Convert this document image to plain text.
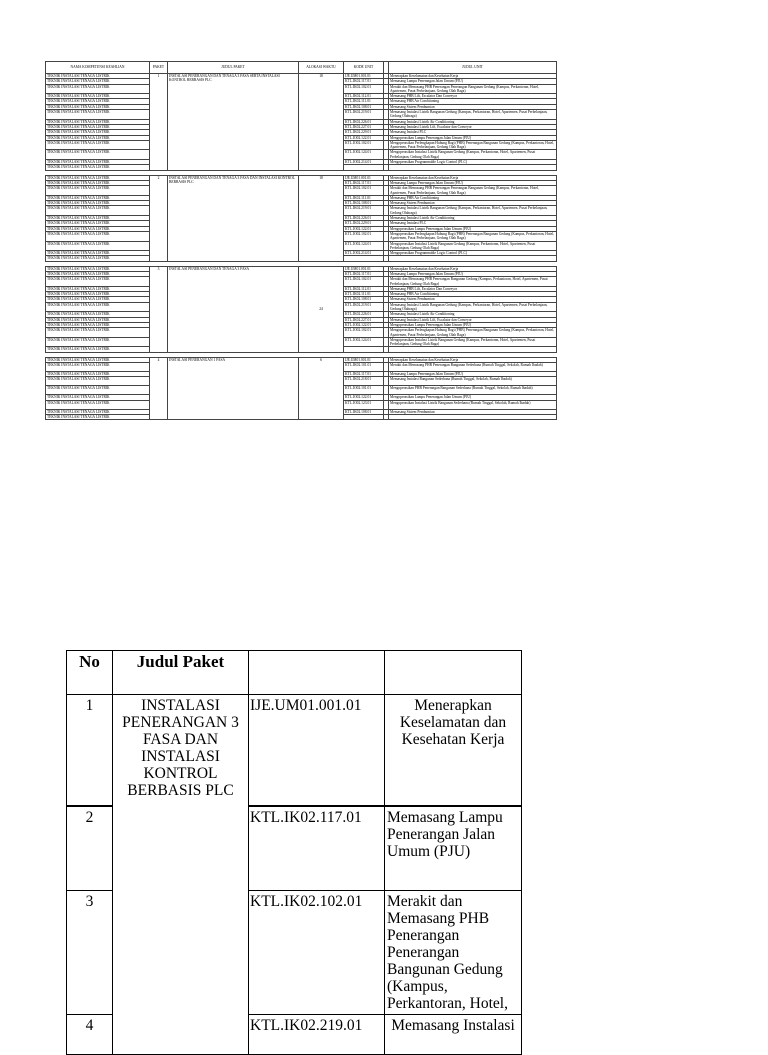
NAMA KOMPETENSI KEAHLIAN	PAKET	JUDUL PAKET	ALOKASI WAKTU	KODE UNIT		JUDUL UNIT
TEKNIK INSTALASI TENAGA LISTRIK	1	INSTALASI PENERANGAN DAN TENAGA 3 FASA SERTA INSTALASI KONTROL BERBASIS PLC	18	IJE.UM01.001.01		Menerapkan Keselamatan dan Kesehatan Kerja
TEKNIK INSTALASI TENAGA LISTRIK				KTL.IK02.117.01		Memasang Lampu Penerangan Jalan Umum (PJU)
TEKNIK INSTALASI TENAGA LISTRIK				KTL.IK02.102.01		Merakit dan Memasang PHB Penerangan Penerangan Bangunan Gedung (Kampus, Perkantoran, Hotel, Apartemen, Pusat Perbelanjaan, Gedung Olah Raga)
TEKNIK INSTALASI TENAGA LISTRIK				KTL.IK02.112.01		Memasang PHB Lift, Escalator Dan Conveyor
TEKNIK INSTALASI TENAGA LISTRIK				KTL.IK02.111.01		Memasang PHB Air Conditioning
TEKNIK INSTALASI TENAGA LISTRIK				KTL.IK02.108.01		Memasang Sistem Pembumian
TEKNIK INSTALASI TENAGA LISTRIK				KTL.IK02.219.01		Memasang Instalasi Listrik Bangunan Gedung (Kampus, Perkantoran, Hotel, Apartemen, Pusat Perbelanjaan, Gedung Olahraga)
TEKNIK INSTALASI TENAGA LISTRIK				KTL.IK02.226.01		Memasang Instalasi Listrik Air Conditioning
TEKNIK INSTALASI TENAGA LISTRIK				KTL.IK02.227.01		Memasang Instalasi Listrik Lift, Escalator dan Conveyor
TEKNIK INSTALASI TENAGA LISTRIK				KTL.IK02.229.01		Memasang Instalasi PLC
TEKNIK INSTALASI TENAGA LISTRIK				KTL.IO02.122.01		Mengoperasikan Lampu Penerangan Jalan Umum (PJU)
TEKNIK INSTALASI TENAGA LISTRIK				KTL.IO02.102.01		Mengoperasikan Perlengkapan Hubung Bagi (PHB) Penerangan Bangunan Gedung (Kampus, Perkantoran, Hotel, Apartemen, Pusat Perbelanjaan, Gedung Olah Raga)
TEKNIK INSTALASI TENAGA LISTRIK				KTL.IO02.124.01		Mengoperasikan Instalasi Listrik Bangunan Gedung (Kampus, Perkantoran, Hotel, Apartemen, Pusat Perbelanjaan, Gedung Olah Raga)
TEKNIK INSTALASI TENAGA LISTRIK				KTL.IO02.214.01		Mengoperasikan Programmable Logic Control (PLC)
TEKNIK INSTALASI TENAGA LISTRIK						

TEKNIK INSTALASI TENAGA LISTRIK	2	INSTALASI PENERANGAN DAN TENAGA 3 FASA DAN INSTALASI KONTROL BERBASIS PLC	18	IJE.UM01.001.01		Menerapkan Keselamatan dan Kesehatan Kerja
TEKNIK INSTALASI TENAGA LISTRIK				KTL.IK02.117.01		Memasang Lampu Penerangan Jalan Umum (PJU)
TEKNIK INSTALASI TENAGA LISTRIK				KTL.IK02.102.01		Merakit dan Memasang PHB Penerangan Penerangan Bangunan Gedung (Kampus, Perkantoran, Hotel, Apartemen, Pusat Perbelanjaan, Gedung Olah Raga)
TEKNIK INSTALASI TENAGA LISTRIK				KTL.IK02.111.01		Memasang PHB Air Conditioning
TEKNIK INSTALASI TENAGA LISTRIK				KTL.IK02.108.01		Memasang Sistem Pembumian
TEKNIK INSTALASI TENAGA LISTRIK				KTL.IK02.219.01		Memasang Instalasi Listrik Bangunan Gedung (Kampus, Perkantoran, Hotel, Apartemen, Pusat Perbelanjaan, Gedung Olahraga)
TEKNIK INSTALASI TENAGA LISTRIK				KTL.IK02.226.01		Memasang Instalasi Listrik Air Conditioning
TEKNIK INSTALASI TENAGA LISTRIK				KTL.IK02.229.01		Memasang Instalasi PLC
TEKNIK INSTALASI TENAGA LISTRIK				KTL.IO02.122.01		Mengoperasikan Lampu Penerangan Jalan Umum (PJU)
TEKNIK INSTALASI TENAGA LISTRIK				KTL.IO02.102.01		Mengoperasikan Perlengkapan Hubung Bagi (PHB) Penerangan Bangunan Gedung (Kampus, Perkantoran, Hotel, Apartemen, Pusat Perbelanjaan, Gedung Olah Raga)
TEKNIK INSTALASI TENAGA LISTRIK				KTL.IO02.124.01		Mengoperasikan Instalasi Listrik Bangunan Gedung (Kampus, Perkantoran, Hotel, Apartemen, Pusat Perbelanjaan, Gedung Olah Raga)
TEKNIK INSTALASI TENAGA LISTRIK				KTL.IO02.214.01		Mengoperasikan Programmable Logic Control (PLC)
TEKNIK INSTALASI TENAGA LISTRIK						

TEKNIK INSTALASI TENAGA LISTRIK	3	INSTALASI PENERANGAN DAN TENAGA 3 FASA	24	IJE.UM01.001.01		Menerapkan Keselamatan dan Kesehatan Kerja
TEKNIK INSTALASI TENAGA LISTRIK				KTL.IK02.117.01		Memasang Lampu Penerangan Jalan Umum (PJU)
TEKNIK INSTALASI TENAGA LISTRIK				KTL.IK02.102.01		Merakit dan Memasang PHB Penerangan Bangunan Gedung (Kampus, Perkantoran, Hotel, Apartemen, Pusat Perbelanjaan, Gedung Olah Raga)
TEKNIK INSTALASI TENAGA LISTRIK				KTL.IK02.112.01		Memasang PHB Lift, Escalator Dan Conveyor
TEKNIK INSTALASI TENAGA LISTRIK				KTL.IK02.111.01		Memasang PHB Air Conditioning
TEKNIK INSTALASI TENAGA LISTRIK				KTL.IK02.108.01		Memasang Sistem Pembumian
TEKNIK INSTALASI TENAGA LISTRIK				KTL.IK02.219.01		Memasang Instalasi Listrik Bangunan Gedung (Kampus, Perkantoran, Hotel, Apartemen, Pusat Perbelanjaan, Gedung Olahraga)
TEKNIK INSTALASI TENAGA LISTRIK				KTL.IK02.226.01		Memasang Instalasi Listrik Air Conditioning
TEKNIK INSTALASI TENAGA LISTRIK				KTL.IK02.227.01		Memasang Instalasi Listrik Lift, Escalator dan Conveyor
TEKNIK INSTALASI TENAGA LISTRIK				KTL.IO02.122.01		Mengoperasikan Lampu Penerangan Jalan Umum (PJU)
TEKNIK INSTALASI TENAGA LISTRIK				KTL.IO02.102.01		Mengoperasikan Perlengkapan Hubung Bagi (PHB) Penerangan Bangunan Gedung (Kampus, Perkantoran, Hotel, Apartemen, Pusat Perbelanjaan, Gedung Olah Raga)
TEKNIK INSTALASI TENAGA LISTRIK				KTL.IO02.124.01		Mengoperasikan Instalasi Listrik Bangunan Gedung (Kampus, Perkantoran, Hotel, Apartemen, Pusat Perbelanjaan, Gedung Olah Raga)
TEKNIK INSTALASI TENAGA LISTRIK						

TEKNIK INSTALASI TENAGA LISTRIK	4	INSTALASI PENERANGAN 1 FASA	6	IJE.UM01.001.01		Menerapkan Keselamatan dan Kesehatan Kerja
TEKNIK INSTALASI TENAGA LISTRIK				KTL.IK02.101.01		Merakit dan Memasang PHB Penerangan Bangunan Sederhana (Rumah Tinggal, Sekolah, Rumah Ibadah)
TEKNIK INSTALASI TENAGA LISTRIK				KTL.IK02.117.01		Memasang Lampu Penerangan Jalan Umum (PJU)
TEKNIK INSTALASI TENAGA LISTRIK				KTL.IK02.218.01		Memasang Instalasi Bangunan Sederhana (Rumah Tinggal, Sekolah, Rumah Ibadah)
TEKNIK INSTALASI TENAGA LISTRIK				KTL.IO02.101.01		Mengoperasikan PHB Penerangan Bangunan Sederhana (Rumah Tinggal, Sekolah, Rumah Ibadah)
TEKNIK INSTALASI TENAGA LISTRIK				KTL.IO02.122.01		Mengoperasikan Lampu Penerangan Jalan Umum (PJU)
TEKNIK INSTALASI TENAGA LISTRIK				KTL.IO02.123.01		Mengoperasikan Instalasi Listrik Bangunan Sederhana (Rumah Tinggal, Sekolah, Rumah Ibadah)
TEKNIK INSTALASI TENAGA LISTRIK				KTL.IK02.108.01		Memasang Sistem Pembumian
TEKNIK INSTALASI TENAGA LISTRIK						
No	Judul Paket		
1	INSTALASI PENERANGAN 3 FASA DAN INSTALASI KONTROL BERBASIS PLC	IJE.UM01.001.01	Menerapkan Keselamatan dan Kesehatan Kerja
2		KTL.IK02.117.01	Memasang Lampu Penerangan Jalan Umum (PJU)
3		KTL.IK02.102.01	Merakit dan Memasang PHB Penerangan Penerangan Bangunan Gedung (Kampus, Perkantoran, Hotel,
4		KTL.IK02.219.01	Memasang Instalasi
